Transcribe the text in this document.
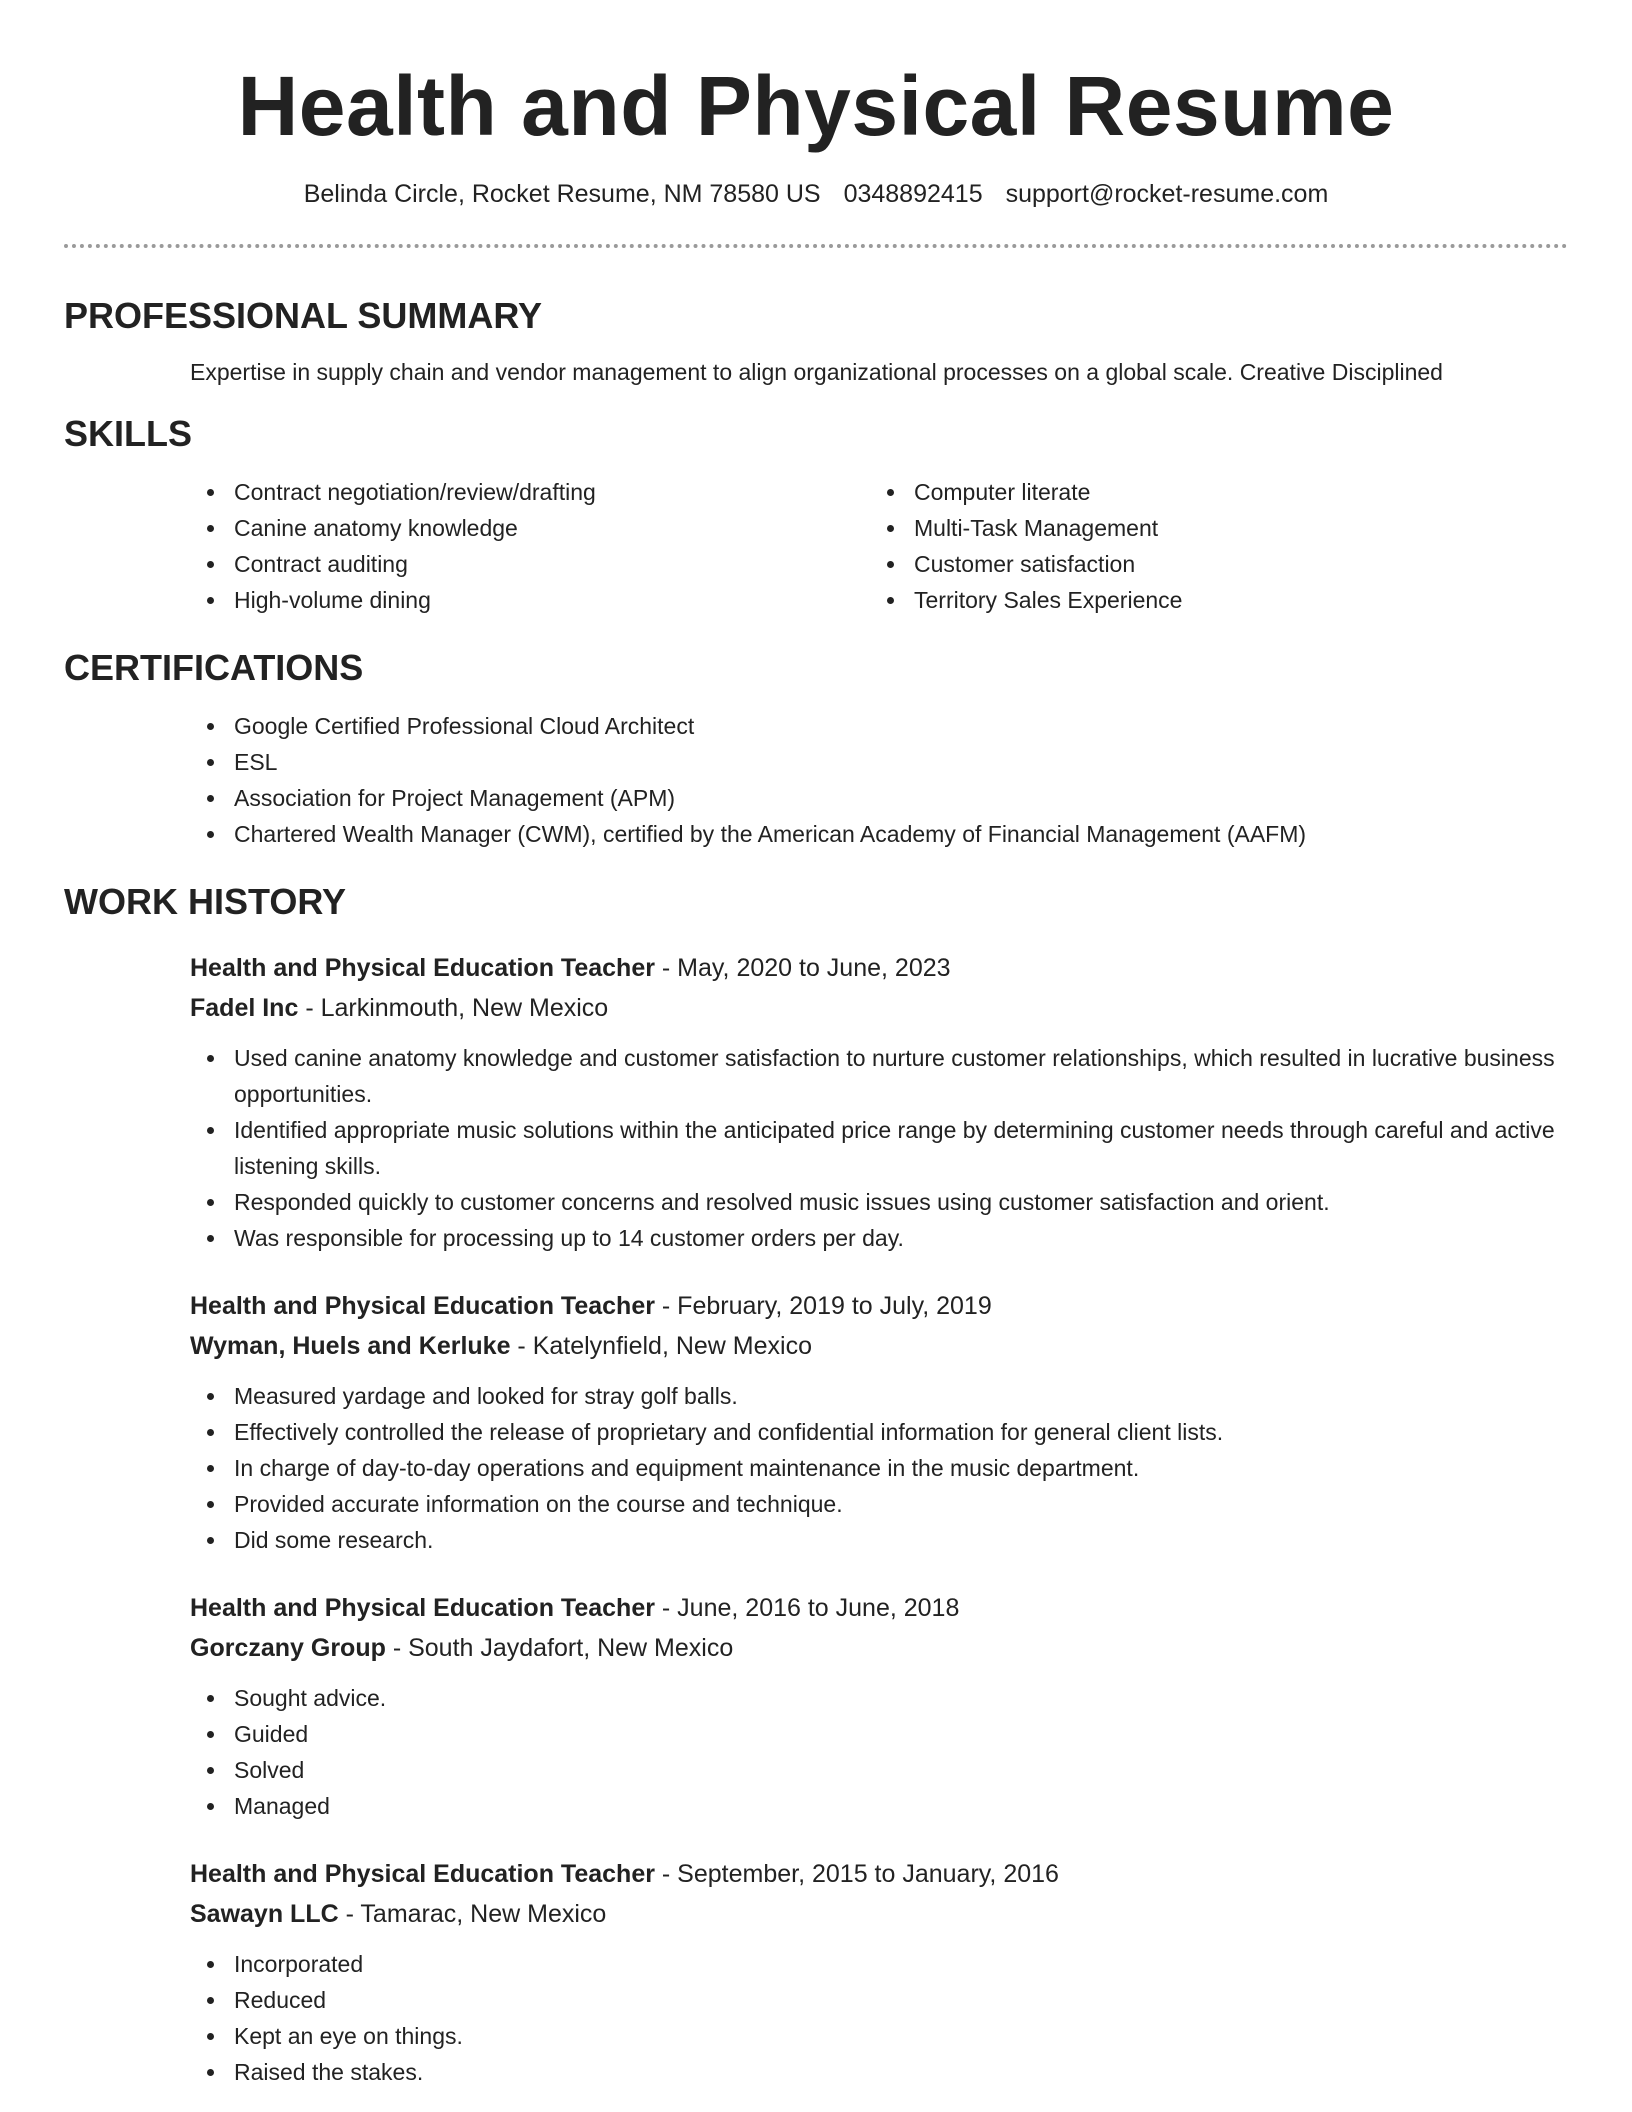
Health and Physical Resume
Belinda Circle, Rocket Resume, NM 78580 US 0348892415 support@rocket-resume.com
PROFESSIONAL SUMMARY

Expertise in supply chain and vendor management to align organizational processes on a global scale. Creative Disciplined

SKILLS
Contract negotiation/review/drafting
Canine anatomy knowledge
Contract auditing
High-volume dining
Computer literate
Multi-Task Management
Customer satisfaction
Territory Sales Experience
CERTIFICATIONS
Google Certified Professional Cloud Architect
ESL
Association for Project Management (APM)
Chartered Wealth Manager (CWM), certified by the American Academy of Financial Management (AAFM)
WORK HISTORY
Health and Physical Education Teacher - May, 2020 to June, 2023
Fadel Inc - Larkinmouth, New Mexico
Used canine anatomy knowledge and customer satisfaction to nurture customer relationships, which resulted in lucrative business opportunities.
Identified appropriate music solutions within the anticipated price range by determining customer needs through careful and active listening skills.
Responded quickly to customer concerns and resolved music issues using customer satisfaction and orient.
Was responsible for processing up to 14 customer orders per day.
Health and Physical Education Teacher - February, 2019 to July, 2019
Wyman, Huels and Kerluke - Katelynfield, New Mexico
Measured yardage and looked for stray golf balls.
Effectively controlled the release of proprietary and confidential information for general client lists.
In charge of day-to-day operations and equipment maintenance in the music department.
Provided accurate information on the course and technique.
Did some research.
Health and Physical Education Teacher - June, 2016 to June, 2018
Gorczany Group - South Jaydafort, New Mexico
Sought advice.
Guided
Solved
Managed
Health and Physical Education Teacher - September, 2015 to January, 2016
Sawayn LLC - Tamarac, New Mexico
Incorporated
Reduced
Kept an eye on things.
Raised the stakes.
